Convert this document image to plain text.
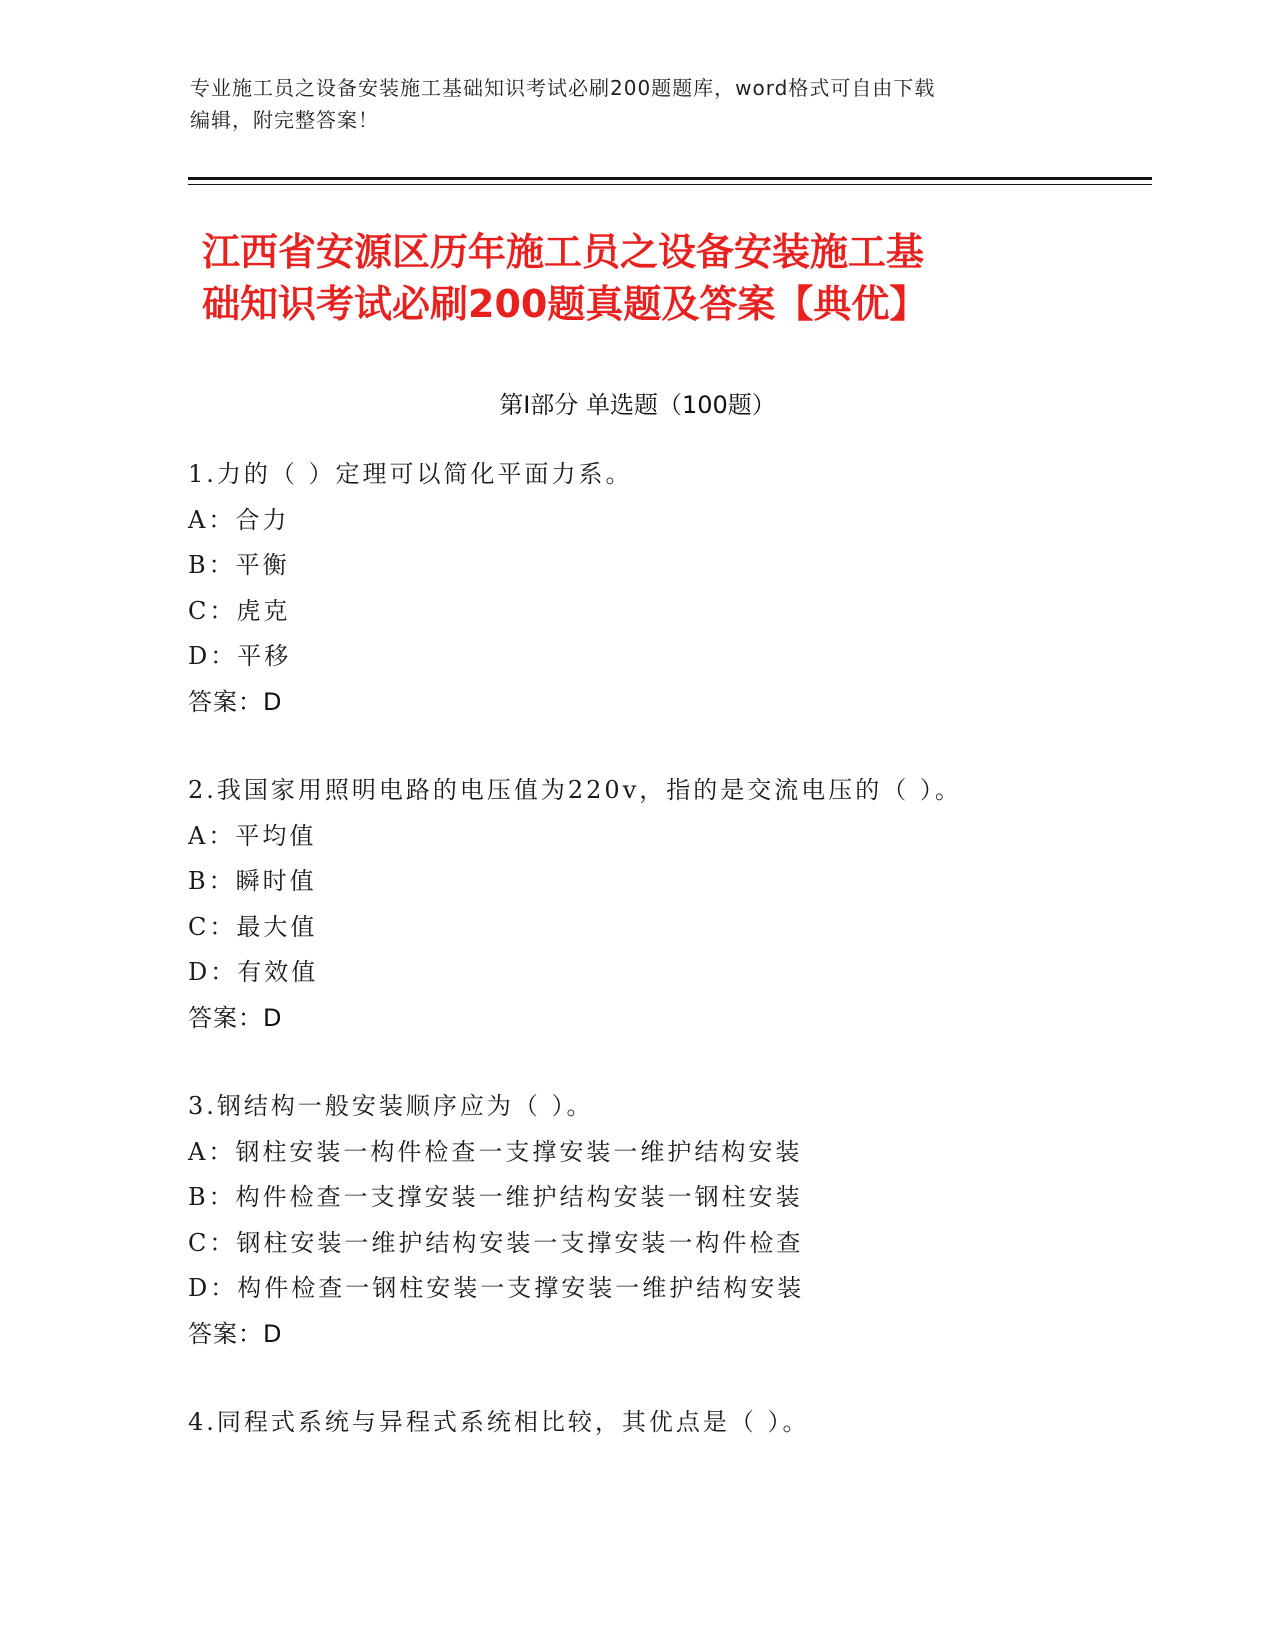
专业施工员之设备安装施工基础知识考试必刷200题题库，word格式可自由下载
编辑，附完整答案！
江西省安源区历年施工员之设备安装施工基
础知识考试必刷200题真题及答案【典优】
第Ⅰ部分 单选题（100题）
1.力的（ ）定理可以简化平面力系。
A：合力
B：平衡
C：虎克
D：平移
答案：D
2.我国家用照明电路的电压值为220v，指的是交流电压的（ ）。
A：平均值
B：瞬时值
C：最大值
D：有效值
答案：D
3.钢结构一般安装顺序应为（ ）。
A：钢柱安装一构件检查一支撑安装一维护结构安装
B：构件检查一支撑安装一维护结构安装一钢柱安装
C：钢柱安装一维护结构安装一支撑安装一构件检查
D：构件检查一钢柱安装一支撑安装一维护结构安装
答案：D
4.同程式系统与异程式系统相比较，其优点是（ ）。
